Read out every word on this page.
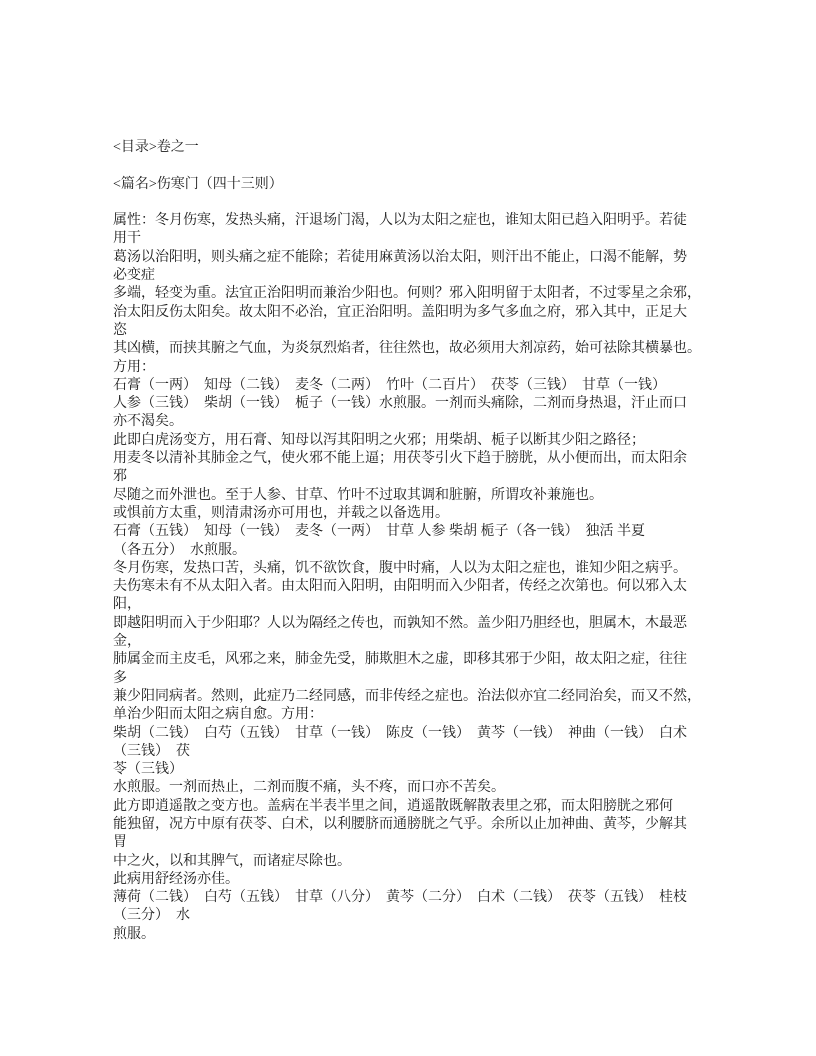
<目录>卷之一
<篇名>伤寒门（四十三则）
属性：冬月伤寒，发热头痛，汗退场门渴，人以为太阳之症也，谁知太阳已趋入阳明乎。若徒
用干
葛汤以治阳明，则头痛之症不能除；若徒用麻黄汤以治太阳，则汗出不能止，口渴不能解，势
必变症
多端，轻变为重。法宜正治阳明而兼治少阳也。何则？邪入阳明留于太阳者，不过零星之余邪，
治太阳反伤太阳矣。故太阳不必治，宜正治阳明。盖阳明为多气多血之府，邪入其中，正足大
恣
其凶横，而挟其腑之气血，为炎氛烈焰者，往往然也，故必须用大剂凉药，始可祛除其横暴也。
方用：
石膏（一两）　知母（二钱）　麦冬（二两）　竹叶（二百片）　茯苓（三钱）　甘草（一钱）
人参（三钱）　柴胡（一钱）　栀子（一钱）水煎服。一剂而头痛除，二剂而身热退，汗止而口
亦不渴矣。
此即白虎汤变方，用石膏、知母以泻其阳明之火邪；用柴胡、栀子以断其少阳之路径；
用麦冬以清补其肺金之气，使火邪不能上逼；用茯苓引火下趋于膀胱，从小便而出，而太阳余
邪
尽随之而外泄也。至于人参、甘草、竹叶不过取其调和脏腑，所谓攻补兼施也。
或惧前方太重，则清肃汤亦可用也，并载之以备选用。
石膏（五钱）　知母（一钱）　麦冬（一两）　甘草 人参 柴胡 栀子（各一钱）　独活 半夏
（各五分）　水煎服。
冬月伤寒，发热口苦，头痛，饥不欲饮食，腹中时痛，人以为太阳之症也，谁知少阳之病乎。
夫伤寒未有不从太阳入者。由太阳而入阳明，由阳明而入少阳者，传经之次第也。何以邪入太
阳，
即越阳明而入于少阳耶？人以为隔经之传也，而孰知不然。盖少阳乃胆经也，胆属木，木最恶
金，
肺属金而主皮毛，风邪之来，肺金先受，肺欺胆木之虚，即移其邪于少阳，故太阳之症，往往
多
兼少阳同病者。然则，此症乃二经同感，而非传经之症也。治法似亦宜二经同治矣，而又不然，
单治少阳而太阳之病自愈。方用：
柴胡（二钱）　白芍（五钱）　甘草（一钱）　陈皮（一钱）　黄芩（一钱）　神曲（一钱）　白术
（三钱）　茯
苓（三钱）
水煎服。一剂而热止，二剂而腹不痛，头不疼，而口亦不苦矣。
此方即逍遥散之变方也。盖病在半表半里之间，逍遥散既解散表里之邪，而太阳膀胱之邪何
能独留，况方中原有茯苓、白术，以利腰脐而通膀胱之气乎。余所以止加神曲、黄芩，少解其
胃
中之火，以和其脾气，而诸症尽除也。
此病用舒经汤亦佳。
薄荷（二钱）　白芍（五钱）　甘草（八分）　黄芩（二分）　白术（二钱）　茯苓（五钱）　桂枝
（三分）　水
煎服。
